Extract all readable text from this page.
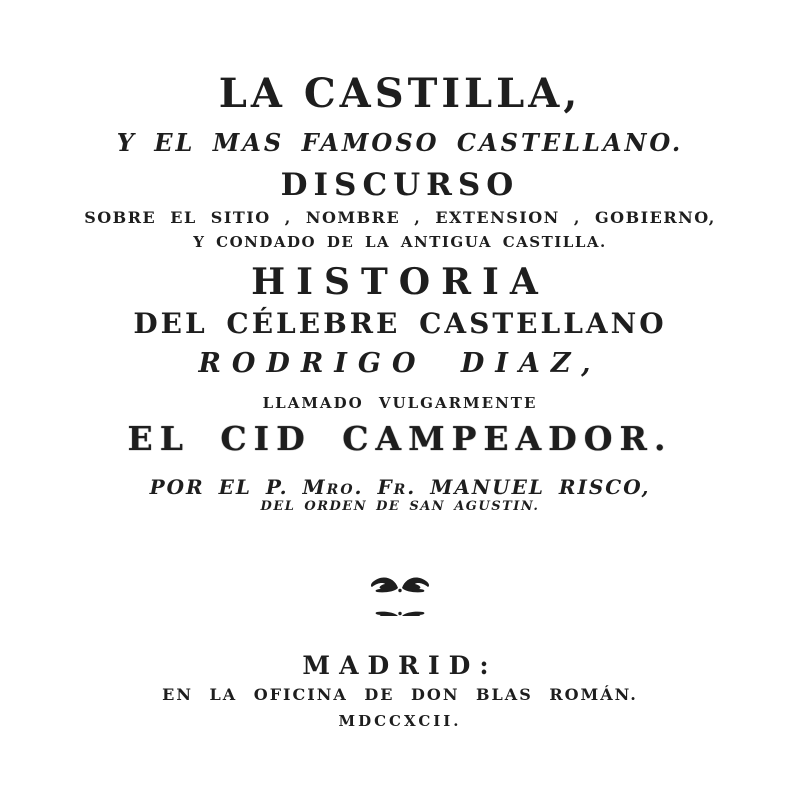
LA CASTILLA,
Y EL MAS FAMOSO CASTELLANO.
DISCURSO
SOBRE EL SITIO , NOMBRE , EXTENSION , GOBIERNO,
Y CONDADO DE LA ANTIGUA CASTILLA.
HISTORIA
DEL CÉLEBRE CASTELLANO
RODRIGO DIAZ,
LLAMADO VULGARMENTE
EL CID CAMPEADOR.
POR EL P. Mro. Fr. MANUEL RISCO,
DEL ORDEN DE SAN AGUSTIN.
MADRID:
EN LA OFICINA DE DON BLAS ROMÁN.
MDCCXCII.
